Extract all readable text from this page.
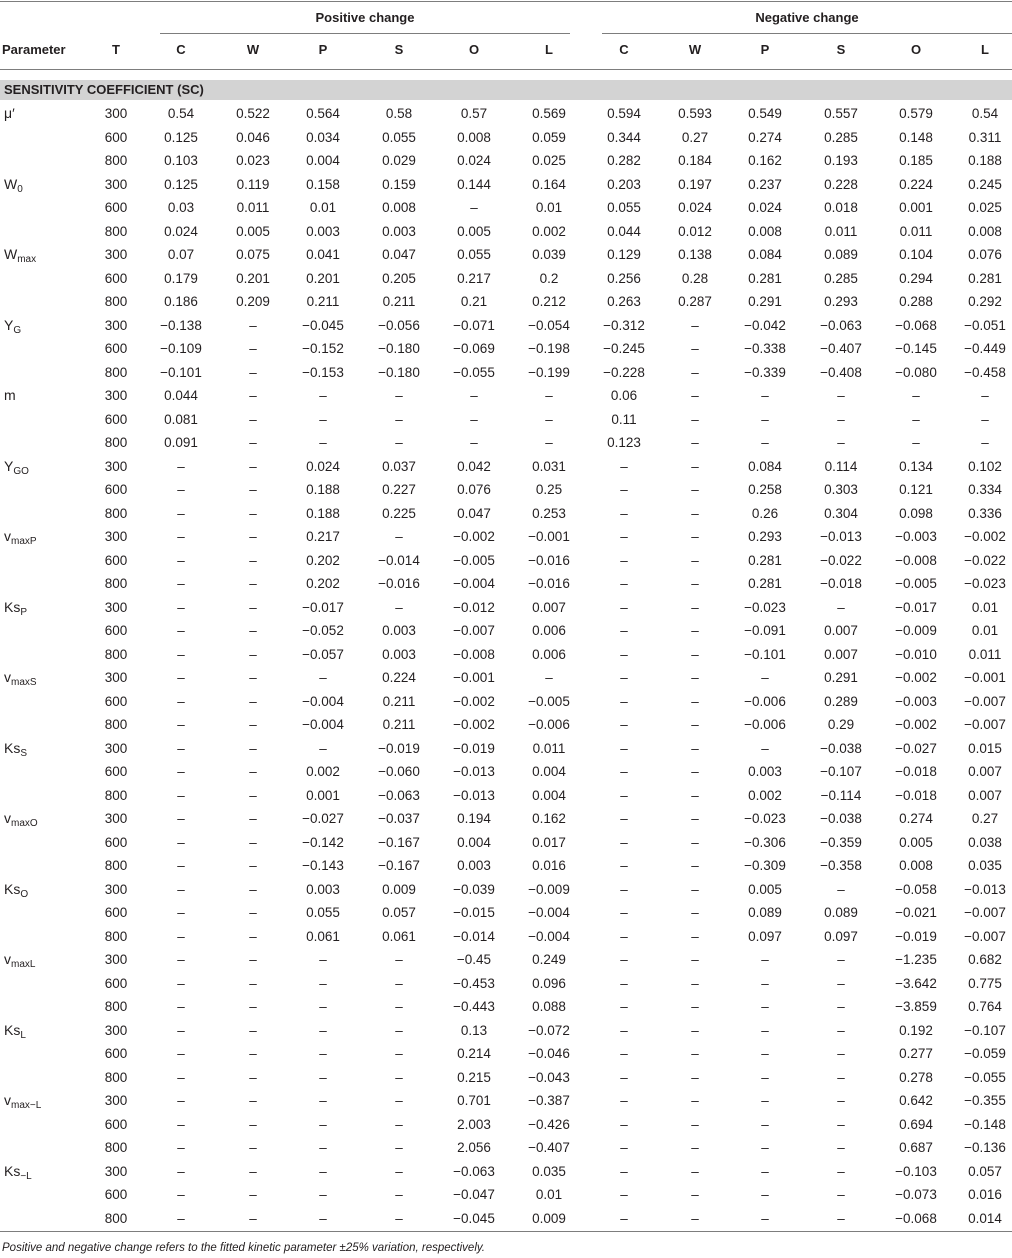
Positive change	Negative change
Parameter	T	C	W	P	S	O	L	C	W	P	S	O	L
SENSITIVITY COEFFICIENT (SC)
μ′	300	0.54	0.522	0.564	0.58	0.57	0.569	0.594	0.593	0.549	0.557	0.579	0.54
600	0.125	0.046	0.034	0.055	0.008	0.059	0.344	0.27	0.274	0.285	0.148	0.311
800	0.103	0.023	0.004	0.029	0.024	0.025	0.282	0.184	0.162	0.193	0.185	0.188
$W_0$	300	0.125	0.119	0.158	0.159	0.144	0.164	0.203	0.197	0.237	0.228	0.224	0.245
600	0.03	0.011	0.01	0.008	–	0.01	0.055	0.024	0.024	0.018	0.001	0.025
800	0.024	0.005	0.003	0.003	0.005	0.002	0.044	0.012	0.008	0.011	0.011	0.008
$W_{max}$	300	0.07	0.075	0.041	0.047	0.055	0.039	0.129	0.138	0.084	0.089	0.104	0.076
600	0.179	0.201	0.201	0.205	0.217	0.2	0.256	0.28	0.281	0.285	0.294	0.281
800	0.186	0.209	0.211	0.211	0.21	0.212	0.263	0.287	0.291	0.293	0.288	0.292
$Y_G$	300	−0.138	–	−0.045	−0.056	−0.071	−0.054	−0.312	–	−0.042	−0.063	−0.068	−0.051
600	−0.109	–	−0.152	−0.180	−0.069	−0.198	−0.245	–	−0.338	−0.407	−0.145	−0.449
800	−0.101	–	−0.153	−0.180	−0.055	−0.199	−0.228	–	−0.339	−0.408	−0.080	−0.458
m	300	0.044	–	–	–	–	–	0.06	–	–	–	–	–
600	0.081	–	–	–	–	–	0.11	–	–	–	–	–
800	0.091	–	–	–	–	–	0.123	–	–	–	–	–
$Y_{GO}$	300	–	–	0.024	0.037	0.042	0.031	–	–	0.084	0.114	0.134	0.102
600	–	–	0.188	0.227	0.076	0.25	–	–	0.258	0.303	0.121	0.334
800	–	–	0.188	0.225	0.047	0.253	–	–	0.26	0.304	0.098	0.336
$v_{maxP}$	300	–	–	0.217	–	−0.002	−0.001	–	–	0.293	−0.013	−0.003	−0.002
600	–	–	0.202	−0.014	−0.005	−0.016	–	–	0.281	−0.022	−0.008	−0.022
800	–	–	0.202	−0.016	−0.004	−0.016	–	–	0.281	−0.018	−0.005	−0.023
$Ks_P$	300	–	–	−0.017	–	−0.012	0.007	–	–	−0.023	–	−0.017	0.01
600	–	–	−0.052	0.003	−0.007	0.006	–	–	−0.091	0.007	−0.009	0.01
800	–	–	−0.057	0.003	−0.008	0.006	–	–	−0.101	0.007	−0.010	0.011
$v_{maxS}$	300	–	–	–	0.224	−0.001	–	–	–	–	0.291	−0.002	−0.001
600	–	–	−0.004	0.211	−0.002	−0.005	–	–	−0.006	0.289	−0.003	−0.007
800	–	–	−0.004	0.211	−0.002	−0.006	–	–	−0.006	0.29	−0.002	−0.007
$Ks_S$	300	–	–	–	−0.019	−0.019	0.011	–	–	–	−0.038	−0.027	0.015
600	–	–	0.002	−0.060	−0.013	0.004	–	–	0.003	−0.107	−0.018	0.007
800	–	–	0.001	−0.063	−0.013	0.004	–	–	0.002	−0.114	−0.018	0.007
$v_{maxO}$	300	–	–	−0.027	−0.037	0.194	0.162	–	–	−0.023	−0.038	0.274	0.27
600	–	–	−0.142	−0.167	0.004	0.017	–	–	−0.306	−0.359	0.005	0.038
800	–	–	−0.143	−0.167	0.003	0.016	–	–	−0.309	−0.358	0.008	0.035
$Ks_O$	300	–	–	0.003	0.009	−0.039	−0.009	–	–	0.005	–	−0.058	−0.013
600	–	–	0.055	0.057	−0.015	−0.004	–	–	0.089	0.089	−0.021	−0.007
800	–	–	0.061	0.061	−0.014	−0.004	–	–	0.097	0.097	−0.019	−0.007
$v_{maxL}$	300	–	–	–	–	−0.45	0.249	–	–	–	–	−1.235	0.682
600	–	–	–	–	−0.453	0.096	–	–	–	–	−3.642	0.775
800	–	–	–	–	−0.443	0.088	–	–	–	–	−3.859	0.764
$Ks_L$	300	–	–	–	–	0.13	−0.072	–	–	–	–	0.192	−0.107
600	–	–	–	–	0.214	−0.046	–	–	–	–	0.277	−0.059
800	–	–	–	–	0.215	−0.043	–	–	–	–	0.278	−0.055
$v_{max-L}$	300	–	–	–	–	0.701	−0.387	–	–	–	–	0.642	−0.355
600	–	–	–	–	2.003	−0.426	–	–	–	–	0.694	−0.148
800	–	–	–	–	2.056	−0.407	–	–	–	–	0.687	−0.136
$Ks_{-L}$	300	–	–	–	–	−0.063	0.035	–	–	–	–	−0.103	0.057
600	–	–	–	–	−0.047	0.01	–	–	–	–	−0.073	0.016
800	–	–	–	–	−0.045	0.009	–	–	–	–	−0.068	0.014
Positive and negative change refers to the fitted kinetic parameter ±25% variation, respectively.
